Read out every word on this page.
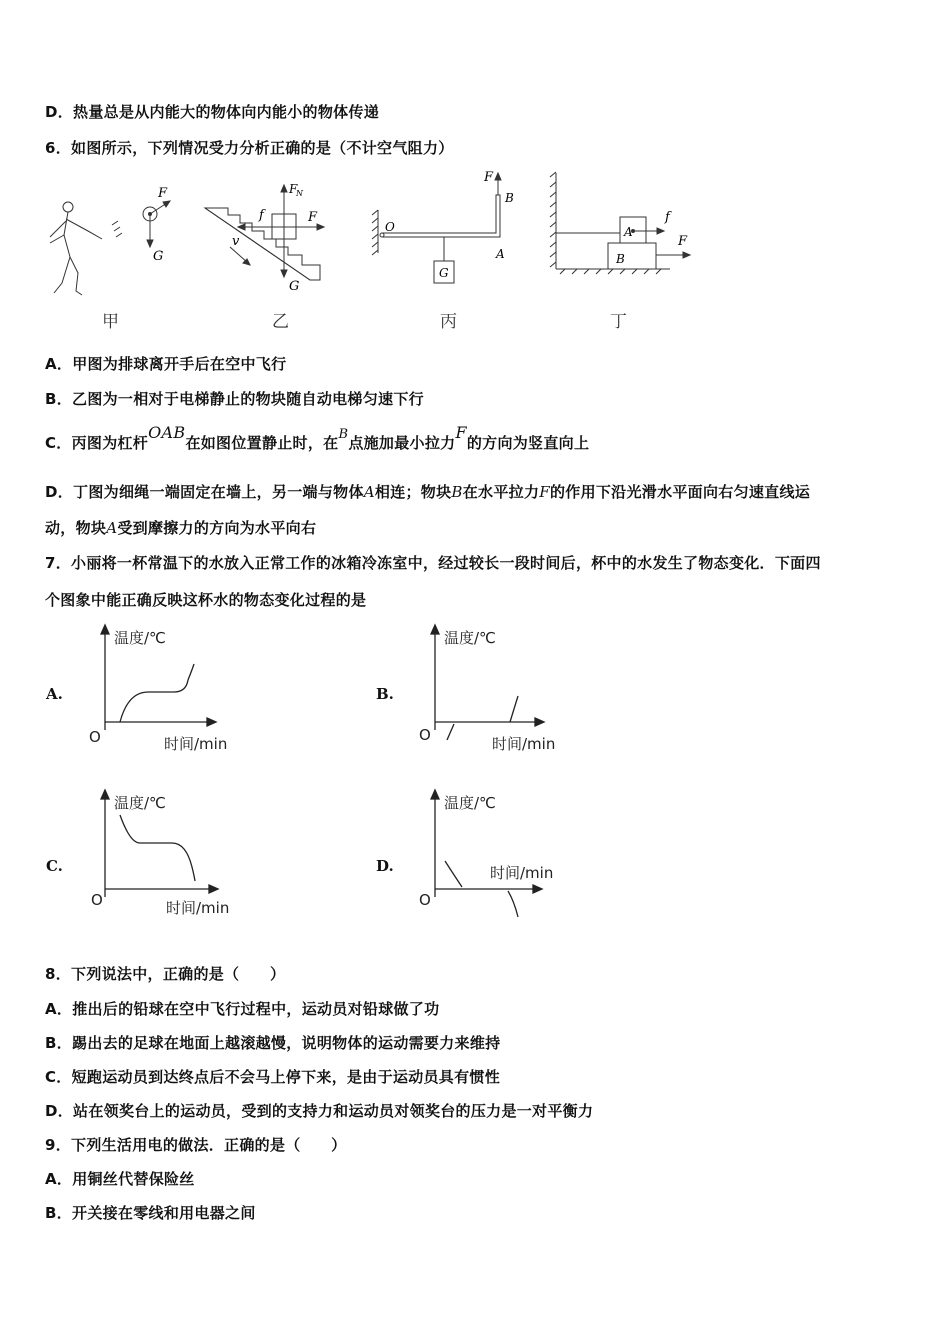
D．热量总是从内能大的物体向内能小的物体传递
6．如图所示，下列情况受力分析正确的是（不计空气阻力）
F
G
甲
F
N
f	F
G
v
乙
F
B
O
A
G
丙
A
B
f
F
丁
A．甲图为排球离开手后在空中飞行
B．乙图为一相对于电梯静止的物块随自动电梯匀速下行
C．丙图为杠杆OAB在如图位置静止时，在B点施加最小拉力F的方向为竖直向上
D．丁图为细绳一端固定在墙上，另一端与物体A相连；物块B在水平拉力F的作用下沿光滑水平面向右匀速直线运
动，物块A受到摩擦力的方向为水平向右
7．小丽将一杯常温下的水放入正常工作的冰箱冷冻室中，经过较长一段时间后，杯中的水发生了物态变化．下面四
个图象中能正确反映这杯水的物态变化过程的是
A.
温度/℃
时间/min
O
B.
温度/℃
时间/min
O
C.
温度/℃
时间/min
O
D.
温度/℃
时间/min
O
8．下列说法中，正确的是（　　）
A．推出后的铅球在空中飞行过程中，运动员对铅球做了功
B．踢出去的足球在地面上越滚越慢，说明物体的运动需要力来维持
C．短跑运动员到达终点后不会马上停下来，是由于运动员具有惯性
D．站在领奖台上的运动员，受到的支持力和运动员对领奖台的压力是一对平衡力
9．下列生活用电的做法．正确的是（　　）
A．用铜丝代替保险丝
B．开关接在零线和用电器之间
